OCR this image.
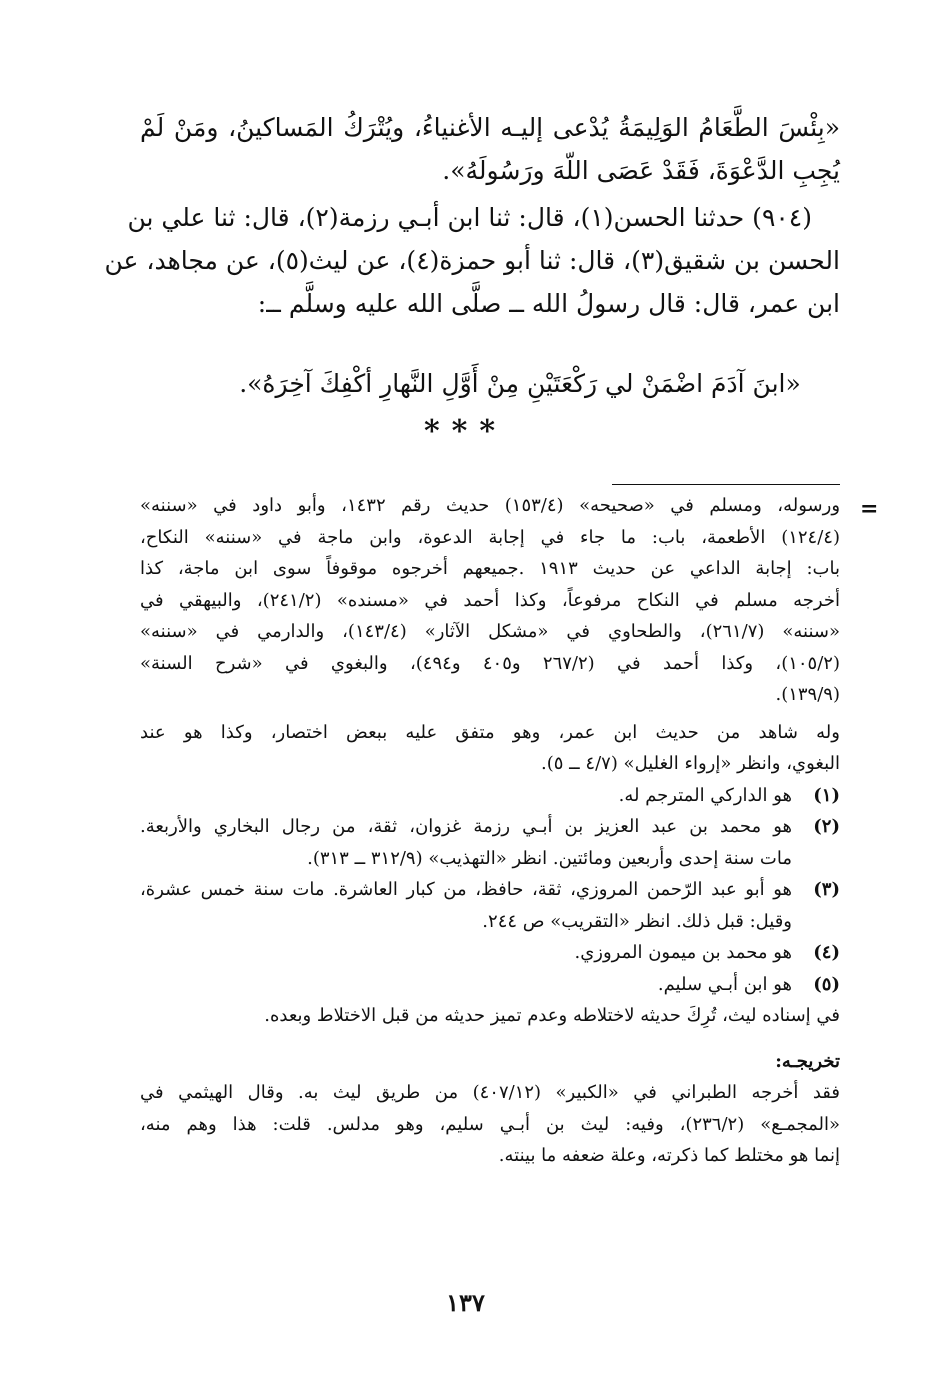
«بِئْسَ الطَّعَامُ الوَلِيمَةُ يُدْعى إليـه الأغنياءُ، ويُتْرَكُ المَساكينُ، ومَنْ لَمْ
يُجِبِ الدَّعْوَةَ، فَقَدْ عَصَى اللّهَ ورَسُولَهُ».
(٩٠٤) حدثنا الحسن(١)، قال: ثنا ابن أبـي رزمة(٢)، قال: ثنا علي بن
الحسن بن شقيق(٣)، قال: ثنا أبو حمزة(٤)، عن ليث(٥)، عن مجاهد، عن
ابن عمر، قال: قال رسولُ الله ــ صلَّى الله عليه وسلَّم ــ:
«ابنَ آدَمَ اضْمَنْ لي رَكْعَتَيْنِ مِنْ أَوَّلِ النَّهارِ أكْفِكَ آخِرَهُ».
***
=
ورسوله، ومسلم في «صحيحه» (١٥٣/٤) حديث رقم ١٤٣٢، وأبو داود في «سننه»
(١٢٤/٤) الأطعمة، باب: ما جاء في إجابة الدعوة، وابن ماجة في «سننه» النكاح،
باب: إجابة الداعي عن حديث ١٩١٣ .جميعهم أخرجوه موقوفاً سوى ابن ماجة، كذا
أخرجه مسلم في النكاح مرفوعاً، وكذا أحمد في «مسنده» (٢٤١/٢)، والبيهقي في
«سننه» (٢٦١/٧)، والطحاوي في «مشكل الآثار» (١٤٣/٤)، والدارمي في «سننه»
(١٠٥/٢)، وكذا أحمد في (٢٦٧/٢ و٤٠٥ و٤٩٤)، والبغوي في «شرح السنة»
(١٣٩/٩).
وله شاهد من حديث ابن عمر، وهو متفق عليه ببعض اختصار، وكذا هو عند
البغوي، وانظر «إرواء الغليل» (٤/٧ ــ ٥).
(١)
هو الداركي المترجم له.
(٢)
هو محمد بن عبد العزيز بن أبـي رزمة غزوان، ثقة، من رجال البخاري والأربعة.
مات سنة إحدى وأربعين ومائتين. انظر «التهذيب» (٣١٢/٩ ــ ٣١٣).
(٣)
هو أبو عبد الرّحمن المروزي، ثقة، حافظ، من كبار العاشرة. مات سنة خمس عشرة،
وقيل: قبل ذلك. انظر «التقريب» ص ٢٤٤.
(٤)
هو محمد بن ميمون المروزي.
(٥)
هو ابن أبـي سليم.
في إسناده ليث، تُرِكَ حديثه لاختلاطه وعدم تميز حديثه من قبل الاختلاط وبعده.
تخريجـه:
فقد أخرجه الطبراني في «الكبير» (٤٠٧/١٢) من طريق ليث به. وقال الهيثمي في
«المجمـع» (٢٣٦/٢)، وفيه: ليث بن أبـي سليم، وهو مدلس. قلت: هذا وهم منه،
إنما هو مختلط كما ذكرته، وعلة ضعفه ما بينته.
١٣٧
